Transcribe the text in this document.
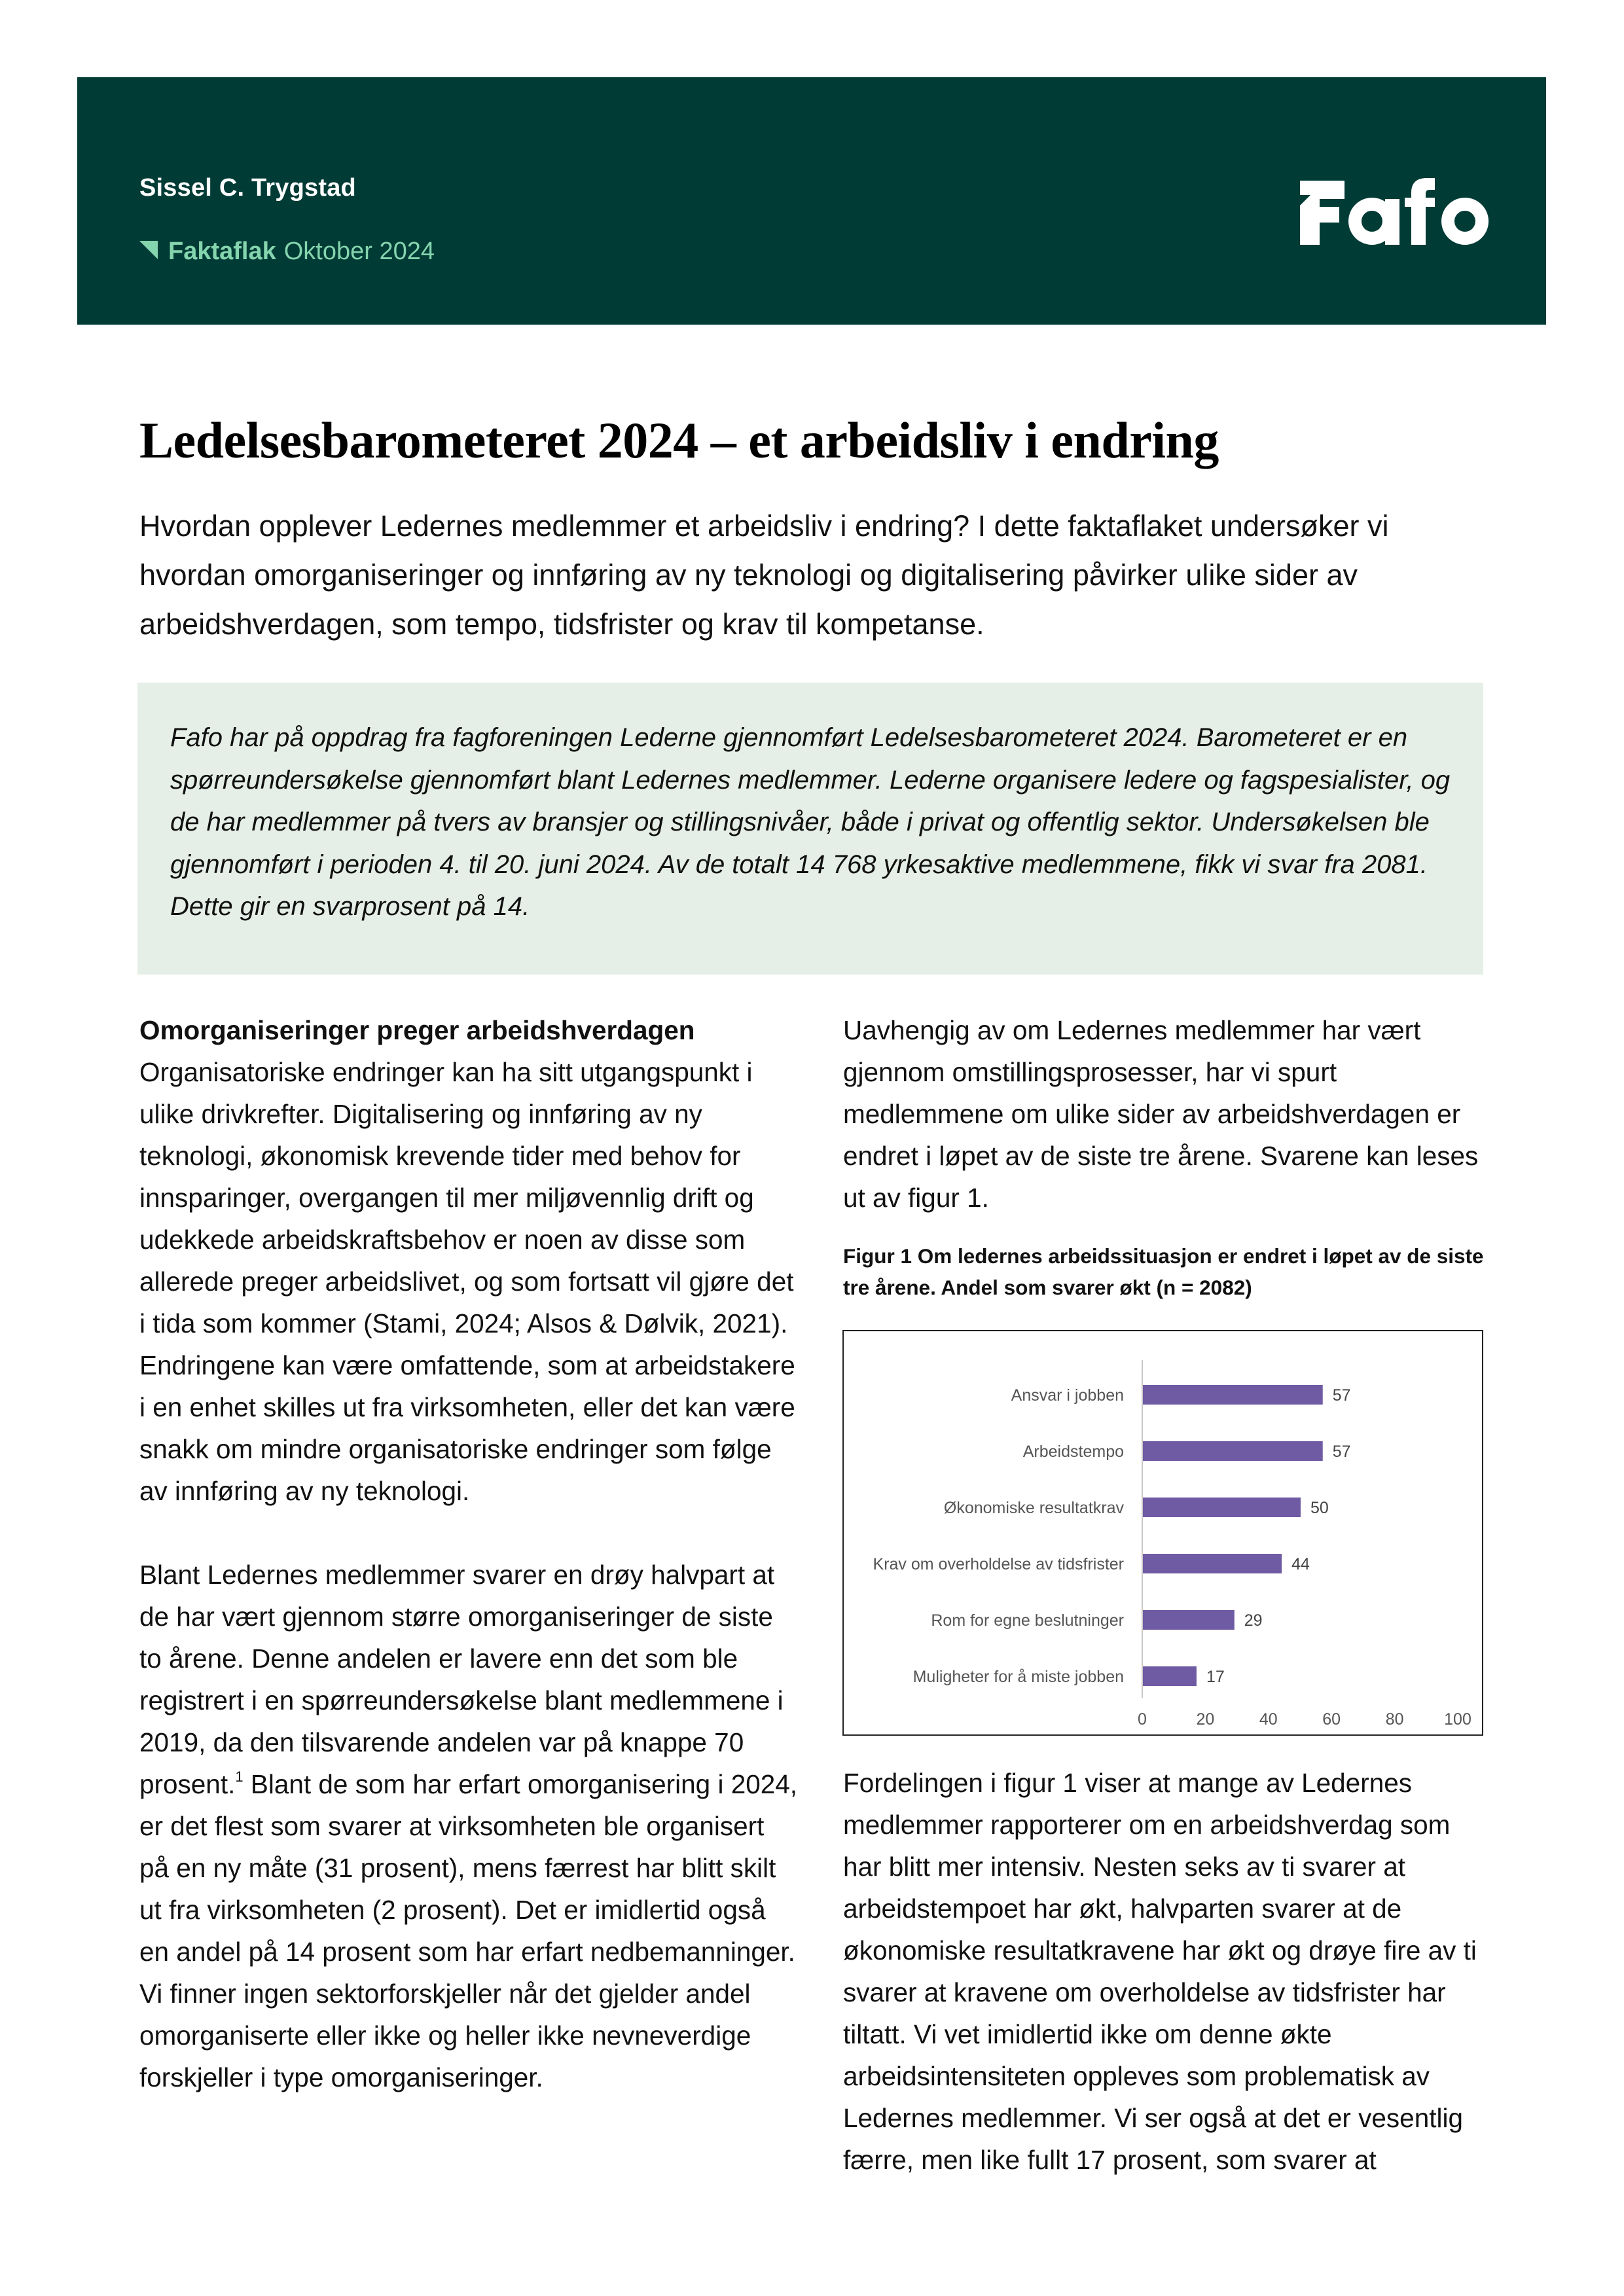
Sissel C. Trygstad
Faktaflak Oktober 2024
Ledelsesbarometeret 2024 – et arbeidsliv i endring

Hvordan opplever Ledernes medlemmer et arbeidsliv i endring? I dette faktaflaket undersøker vi hvordan omorganiseringer og innføring av ny teknologi og digitalisering påvirker ulike sider av arbeidshverdagen, som tempo, tidsfrister og krav til kompetanse.

Fafo har på oppdrag fra fagforeningen Lederne gjennomført Ledelsesbarometeret 2024. Barometeret er en spørreundersøkelse gjennomført blant Ledernes medlemmer. Lederne organisere ledere og fagspesialister, og de har medlemmer på tvers av bransjer og stillingsnivåer, både i privat og offentlig sektor. Undersøkelsen ble gjennomført i perioden 4. til 20. juni 2024. Av de totalt 14 768 yrkesaktive medlemmene, fikk vi svar fra 2081. Dette gir en svarprosent på 14.

Omorganiseringer preger arbeidshverdagen

Organisatoriske endringer kan ha sitt utgangspunkt i ulike drivkrefter. Digitalisering og innføring av ny teknologi, økonomisk krevende tider med behov for innsparinger, overgangen til mer miljøvennlig drift og udekkede arbeidskraftsbehov er noen av disse som allerede preger arbeidslivet, og som fortsatt vil gjøre det i tida som kommer (Stami, 2024; Alsos & Dølvik, 2021). Endringene kan være omfattende, som at arbeidstakere i en enhet skilles ut fra virksomheten, eller det kan være snakk om mindre organisatoriske endringer som følge av innføring av ny teknologi.

Blant Ledernes medlemmer svarer en drøy halvpart at de har vært gjennom større omorganiseringer de siste to årene. Denne andelen er lavere enn det som ble registrert i en spørreundersøkelse blant medlemmene i 2019, da den tilsvarende andelen var på knappe 70 prosent.$^1$ Blant de som har erfart omorganisering i 2024, er det flest som svarer at virksomheten ble organisert på en ny måte (31 prosent), mens færrest har blitt skilt ut fra virksomheten (2 prosent). Det er imidlertid også en andel på 14 prosent som har erfart nedbemanninger. Vi finner ingen sektorforskjeller når det gjelder andel omorganiserte eller ikke og heller ikke nevneverdige forskjeller i type omorganiseringer.

Uavhengig av om Ledernes medlemmer har vært gjennom omstillingsprosesser, har vi spurt medlemmene om ulike sider av arbeidshverdagen er endret i løpet av de siste tre årene. Svarene kan leses ut av figur 1.

Figur 1 Om ledernes arbeidssituasjon er endret i løpet av de siste tre årene. Andel som svarer økt (n = 2082)
Ansvar i jobben	57
Arbeidstempo	57
Økonomiske resultatkrav	50
Krav om overholdelse av tidsfrister	44
Rom for egne beslutninger	29
Muligheter for å miste jobben	17
0	20	40	60	80 100

Fordelingen i figur 1 viser at mange av Ledernes medlemmer rapporterer om en arbeidshverdag som har blitt mer intensiv. Nesten seks av ti svarer at arbeidstempoet har økt, halvparten svarer at de økonomiske resultatkravene har økt og drøye fire av ti svarer at kravene om overholdelse av tidsfrister har tiltatt. Vi vet imidlertid ikke om denne økte arbeidsintensiteten oppleves som problematisk av Ledernes medlemmer. Vi ser også at det er vesentlig færre, men like fullt 17 prosent, som svarer at
